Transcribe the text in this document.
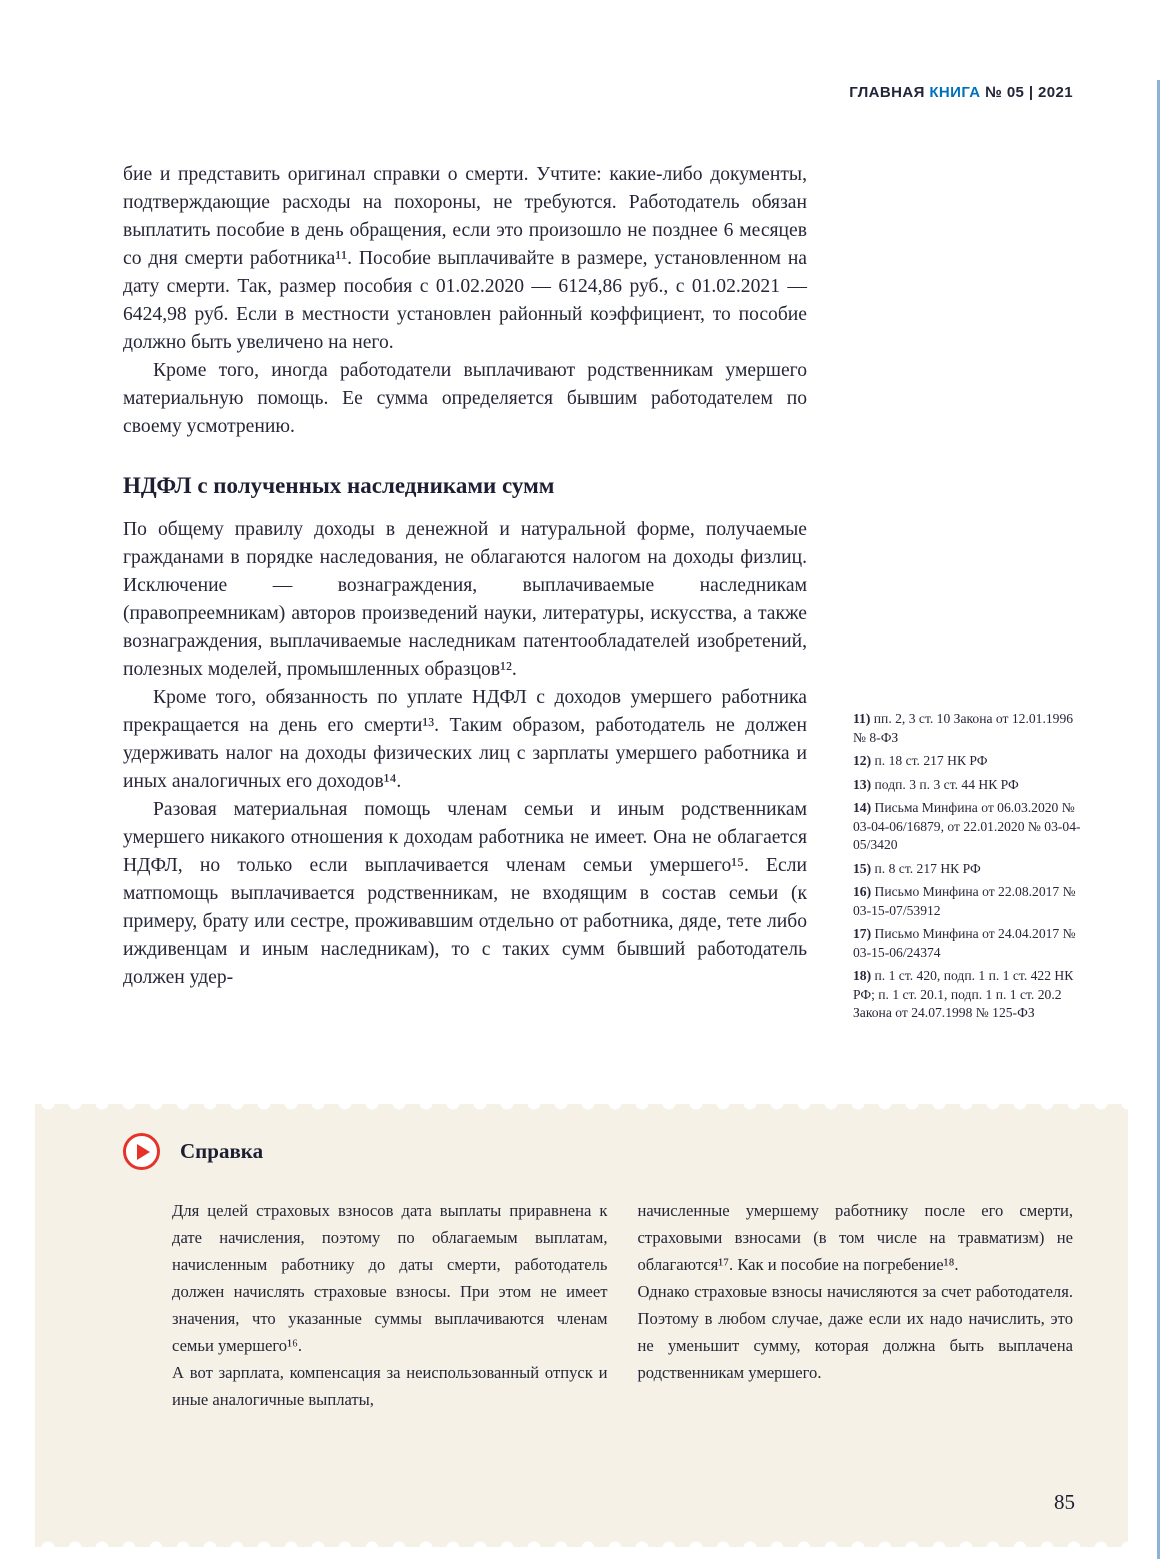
ГЛАВНАЯ КНИГА № 05 | 2021

бие и представить оригинал справки о смерти. Учтите: какие-либо документы, подтверждающие расходы на похороны, не требуются. Работодатель обязан выплатить пособие в день обращения, если это произошло не позднее 6 месяцев со дня смерти работника¹¹. Пособие выплачивайте в размере, установленном на дату смерти. Так, размер пособия с 01.02.2020 — 6124,86 руб., с 01.02.2021 — 6424,98 руб. Если в местности установлен районный коэффициент, то пособие должно быть увеличено на него.

Кроме того, иногда работодатели выплачивают родственникам умершего материальную помощь. Ее сумма определяется бывшим работодателем по своему усмотрению.

НДФЛ с полученных наследниками сумм

По общему правилу доходы в денежной и натуральной форме, получаемые гражданами в порядке наследования, не облагаются налогом на доходы физлиц. Исключение — вознаграждения, выплачиваемые наследникам (правопреемникам) авторов произведений науки, литературы, искусства, а также вознаграждения, выплачиваемые наследникам патентообладателей изобретений, полезных моделей, промышленных образцов¹².

Кроме того, обязанность по уплате НДФЛ с доходов умершего работника прекращается на день его смерти¹³. Таким образом, работодатель не должен удерживать налог на доходы физических лиц с зарплаты умершего работника и иных аналогичных его доходов¹⁴.

Разовая материальная помощь членам семьи и иным родственникам умершего никакого отношения к доходам работника не имеет. Она не облагается НДФЛ, но только если выплачивается членам семьи умершего¹⁵. Если матпомощь выплачивается родственникам, не входящим в состав семьи (к примеру, брату или сестре, проживавшим отдельно от работника, дяде, тете либо иждивенцам и иным наследникам), то с таких сумм бывший работодатель должен удер-

11) пп. 2, 3 ст. 10 Закона от 12.01.1996 № 8-ФЗ
12) п. 18 ст. 217 НК РФ
13) подп. 3 п. 3 ст. 44 НК РФ
14) Письма Минфина от 06.03.2020 № 03-04-06/16879, от 22.01.2020 № 03-04-05/3420
15) п. 8 ст. 217 НК РФ
16) Письмо Минфина от 22.08.2017 № 03-15-07/53912
17) Письмо Минфина от 24.04.2017 № 03-15-06/24374
18) п. 1 ст. 420, подп. 1 п. 1 ст. 422 НК РФ; п. 1 ст. 20.1, подп. 1 п. 1 ст. 20.2 Закона от 24.07.1998 № 125-ФЗ
Справка

Для целей страховых взносов дата выплаты приравнена к дате начисления, поэтому по облагаемым выплатам, начисленным работнику до даты смерти, работодатель должен начислять страховые взносы. При этом не имеет значения, что указанные суммы выплачиваются членам семьи умершего¹⁶.

А вот зарплата, компенсация за неиспользованный отпуск и иные аналогичные выплаты,

начисленные умершему работнику после его смерти, страховыми взносами (в том числе на травматизм) не облагаются¹⁷. Как и пособие на погребение¹⁸.

Однако страховые взносы начисляются за счет работодателя. Поэтому в любом случае, даже если их надо начислить, это не уменьшит сумму, которая должна быть выплачена родственникам умершего.

85
